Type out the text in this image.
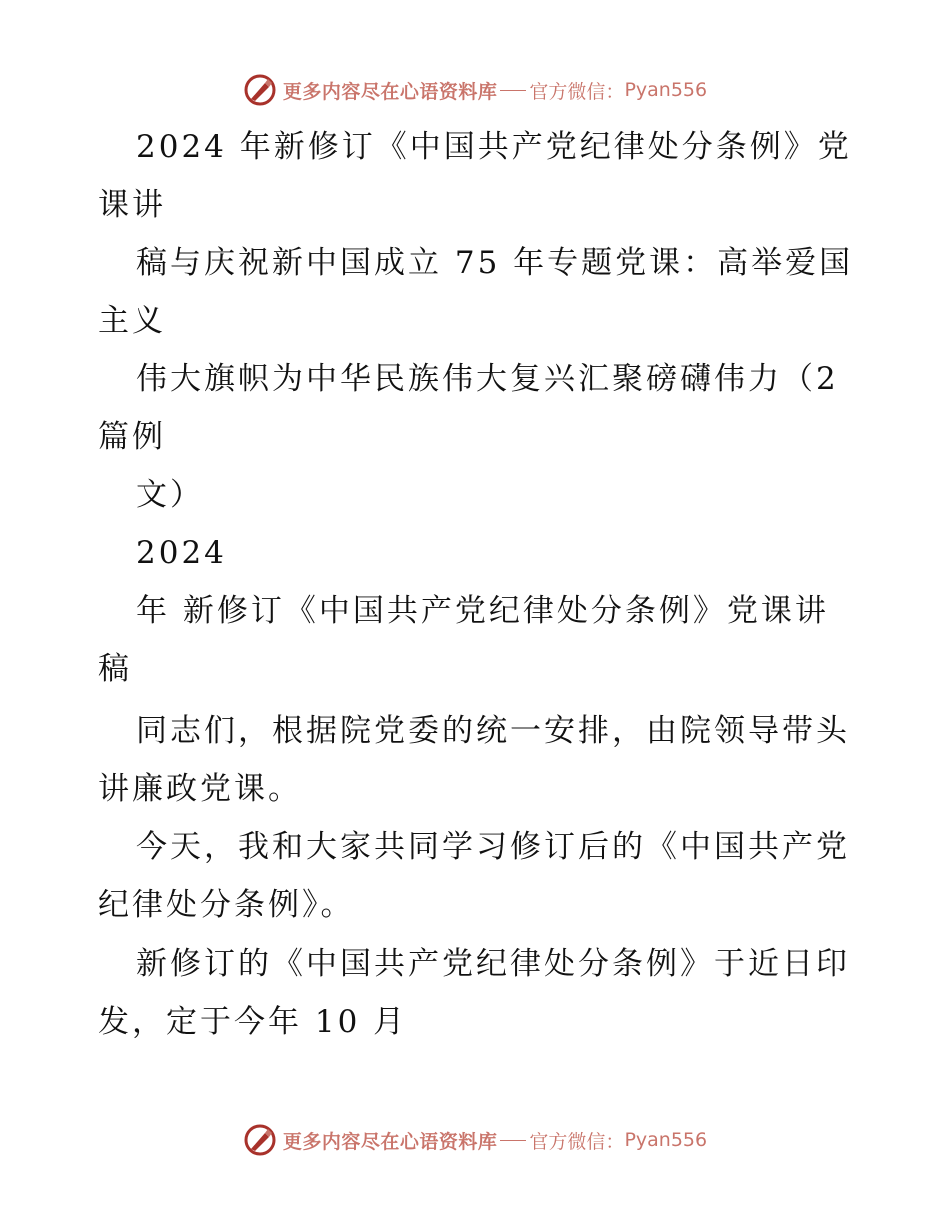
更多内容尽在心语资料库 官方微信： Pyan556
2024 年新修订《中国共产党纪律处分条例》党
课讲
稿与庆祝新中国成立 75 年专题党课：高举爱国
主义
伟大旗帜为中华民族伟大复兴汇聚磅礴伟力（2
篇例
文）
2024
年 新修订《中国共产党纪律处分条例》党课讲
稿
同志们，根据院党委的统一安排，由院领导带头
讲廉政党课。
今天，我和大家共同学习修订后的《中国共产党
纪律处分条例》。
新修订的《中国共产党纪律处分条例》于近日印
发，定于今年 10 月
更多内容尽在心语资料库 官方微信： Pyan556
